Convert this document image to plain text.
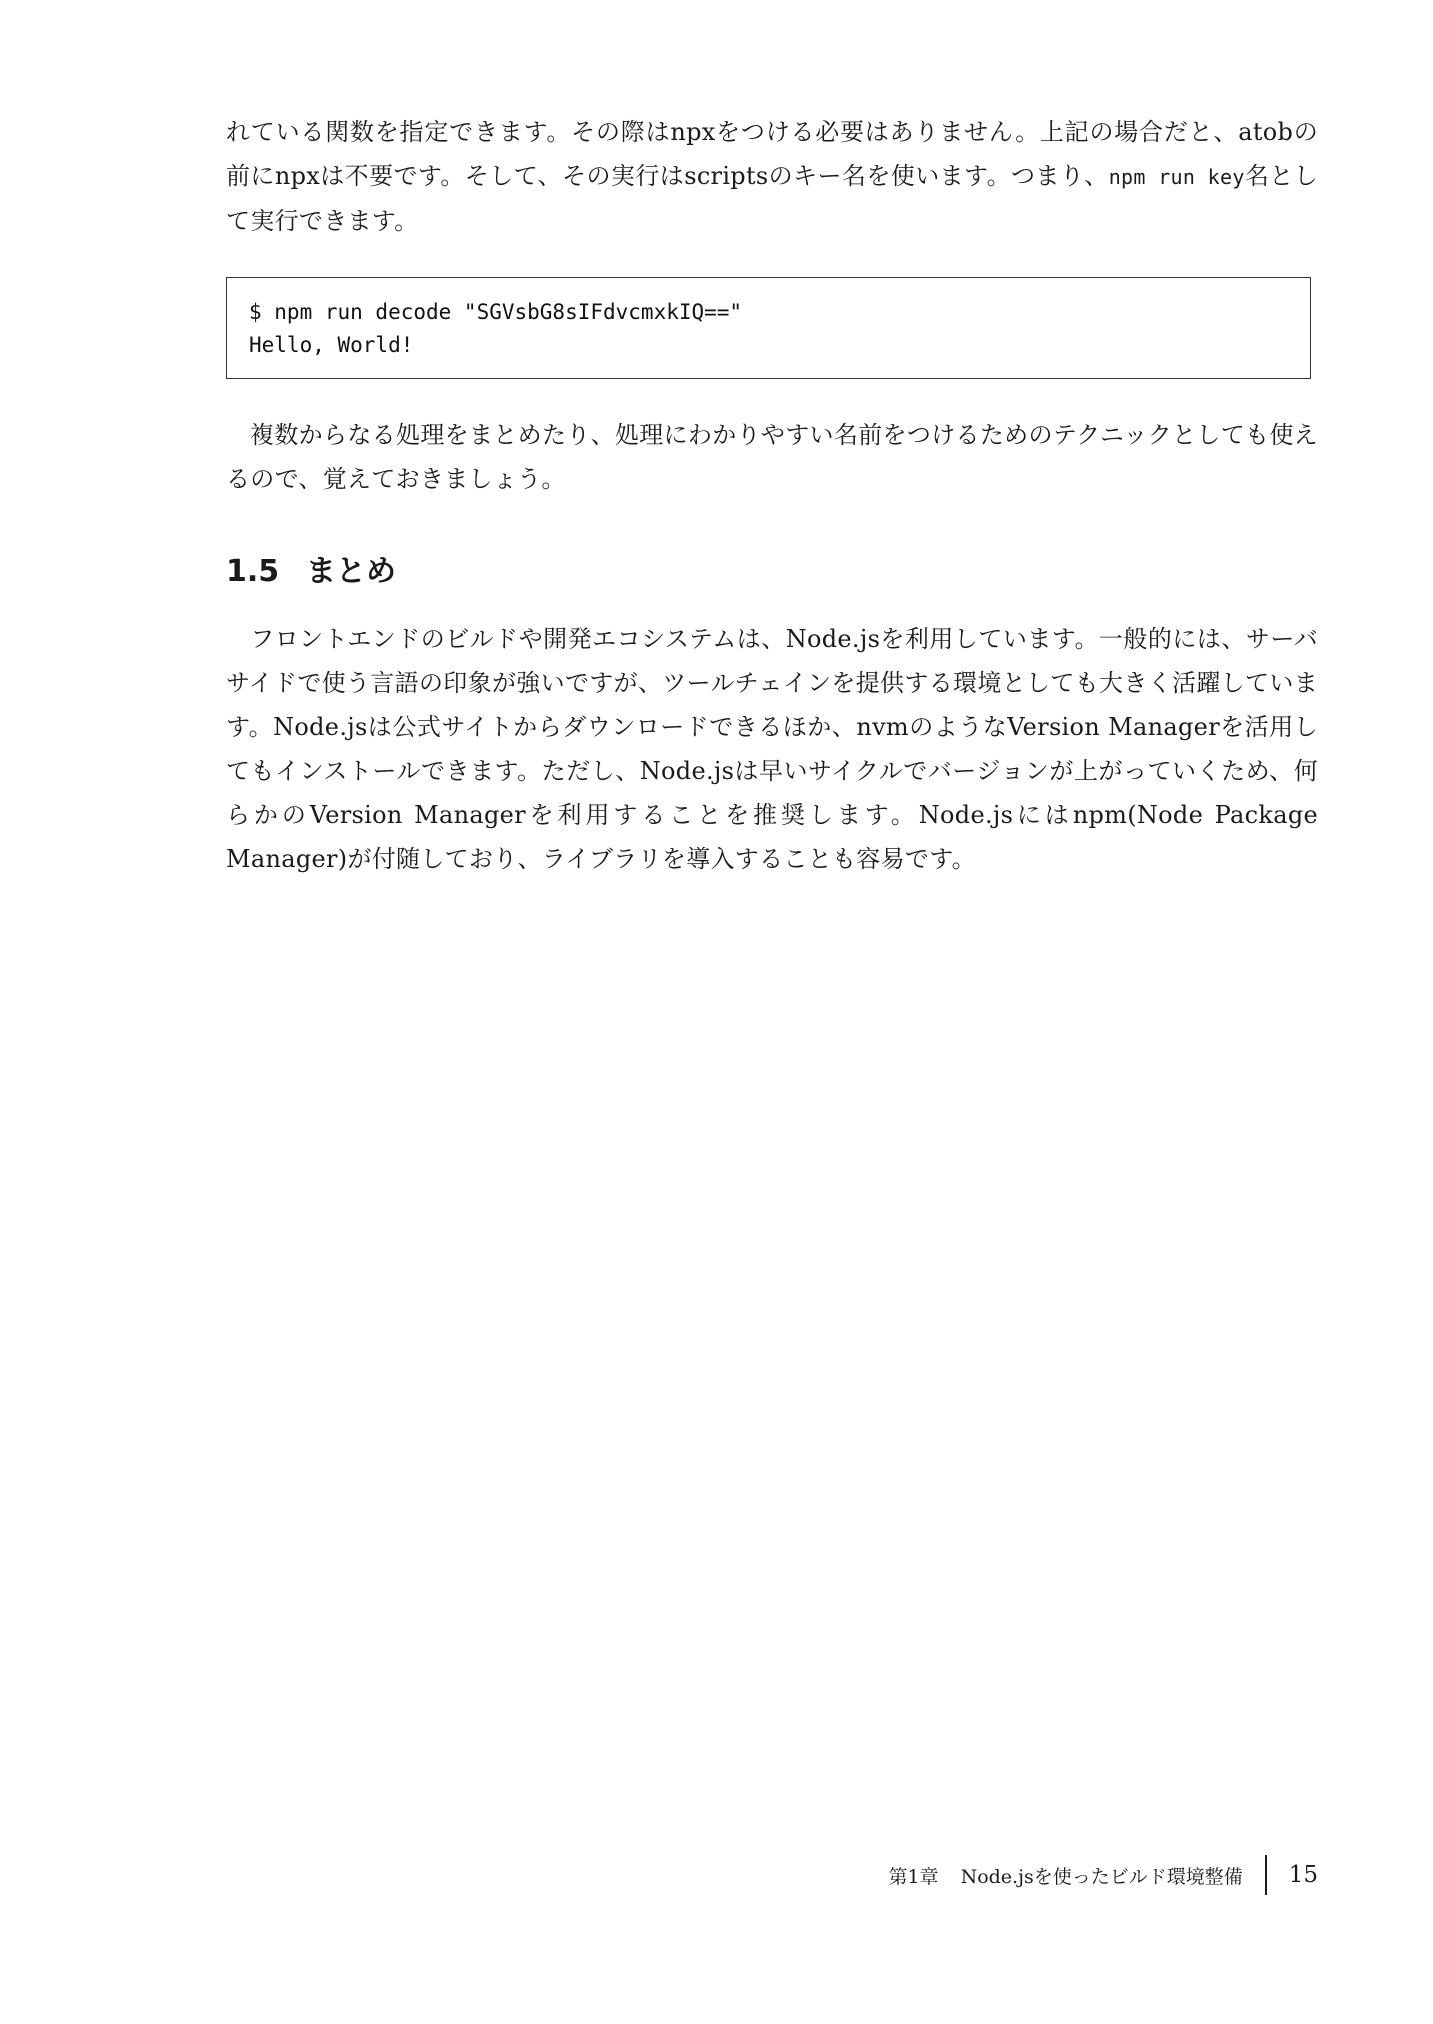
れている関数を指定できます。その際はnpxをつける必要はありません。上記の場合だと、atobの前にnpxは不要です。そして、その実行はscriptsのキー名を使います。つまり、npm run key名として実行できます。

$ npm run decode "SGVsbG8sIFdvcmxkIQ=="
Hello, World!

複数からなる処理をまとめたり、処理にわかりやすい名前をつけるためのテクニックとしても使えるので、覚えておきましょう。

1.5 まとめ

フロントエンドのビルドや開発エコシステムは、Node.jsを利用しています。一般的には、サーバサイドで使う言語の印象が強いですが、ツールチェインを提供する環境としても大きく活躍しています。Node.jsは公式サイトからダウンロードできるほか、nvmのようなVersion Managerを活用してもインストールできます。ただし、Node.jsは早いサイクルでバージョンが上がっていくため、何らかのVersion Managerを利用することを推奨します。Node.jsにはnpm(Node Package Manager)が付随しており、ライブラリを導入することも容易です。

第1章 Node.jsを使ったビルド環境整備 15
